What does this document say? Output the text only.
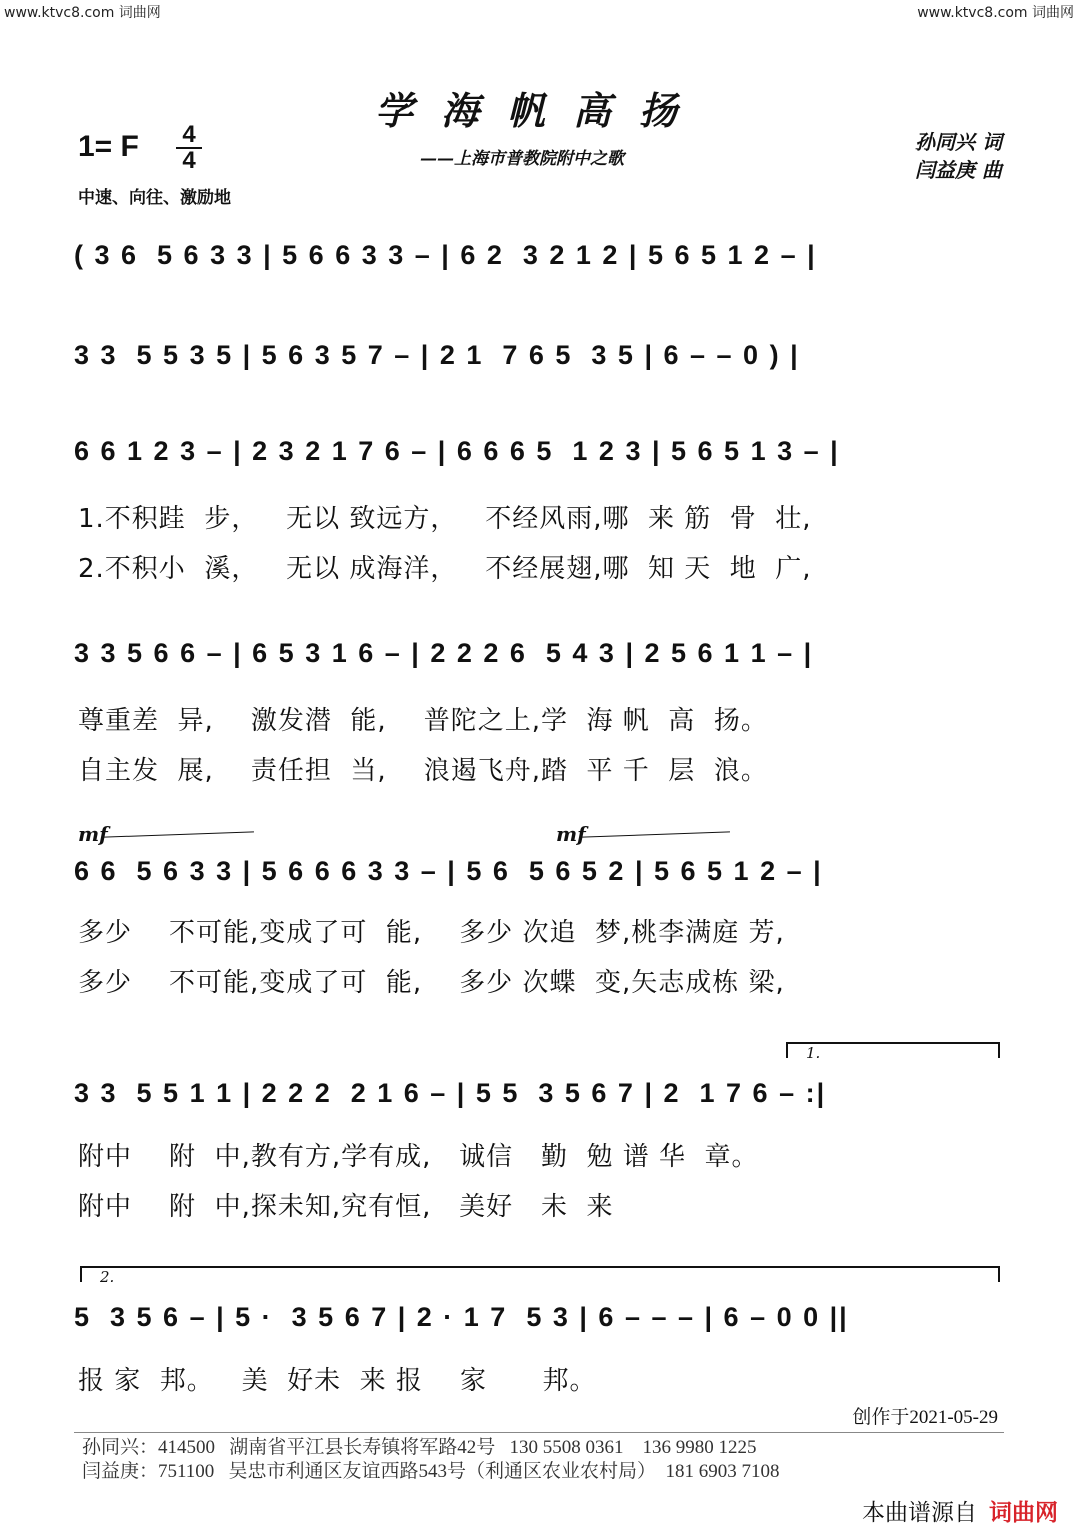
www.ktvc8.com 词曲网	www.ktvc8.com 词曲网
学海帆高扬
——上海市普教院附中之歌
1= F 4
4
中速、向往、激励地
孙同兴 词
闫益庚 曲
( 3 6  5 6 3 3 | 5 6 6 3 3 – | 6 2  3 2 1 2 | 5 6 5 1 2 – |
3 3  5 5 3 5 | 5 6 3 5 7 – | 2 1  7 6 5  3 5 | 6 – – 0 ) |
6 6 1 2 3 – | 2 3 2 1 7 6 – | 6 6 6 5  1 2 3 | 5 6 5 1 3 – |
1.不积跬  步，   无以 致远方，   不经风雨,哪  来 筋  骨  壮,
2.不积小  溪，   无以 成海洋，   不经展翅,哪  知 天  地  广,
3 3 5 6 6 – | 6 5 3 1 6 – | 2 2 2 6  5 4 3 | 2 5 6 1 1 – |
尊重差  异,    激发潜  能,    普陀之上,学  海 帆  高  扬。
自主发  展,    责任担  当,    浪遏飞舟,踏  平 千  层  浪。
mf	mf
6 6  5 6 3 3 | 5 6 6 6 3 3 – | 5 6  5 6 5 2 | 5 6 5 1 2 – |
多少    不可能,变成了可  能,    多少 次追  梦,桃李满庭 芳,
多少    不可能,变成了可  能,    多少 次蝶  变,矢志成栋 梁,
1.
3 3  5 5 1 1 | 2 2 2  2 1 6 – | 5 5  3 5 6 7 | 2  1 7 6 – :|
附中    附  中,教有方,学有成,   诚信   勤  勉 谱 华  章。
附中    附  中,探未知,究有恒,   美好   未  来
2.
5  3 5 6 – | 5 ·  3 5 6 7 | 2 · 1 7  5 3 | 6 – – – | 6 – 0 0 ||
报 家  邦。   美  好未  来 报    家      邦。
创作于2021-05-29
孙同兴：414500   湖南省平江县长寿镇将军路42号   130 5508 0361    136 9980 1225
闫益庚：751100   吴忠市利通区友谊西路543号（利通区农业农村局）  181 6903 7108
本曲谱源自 词曲网
